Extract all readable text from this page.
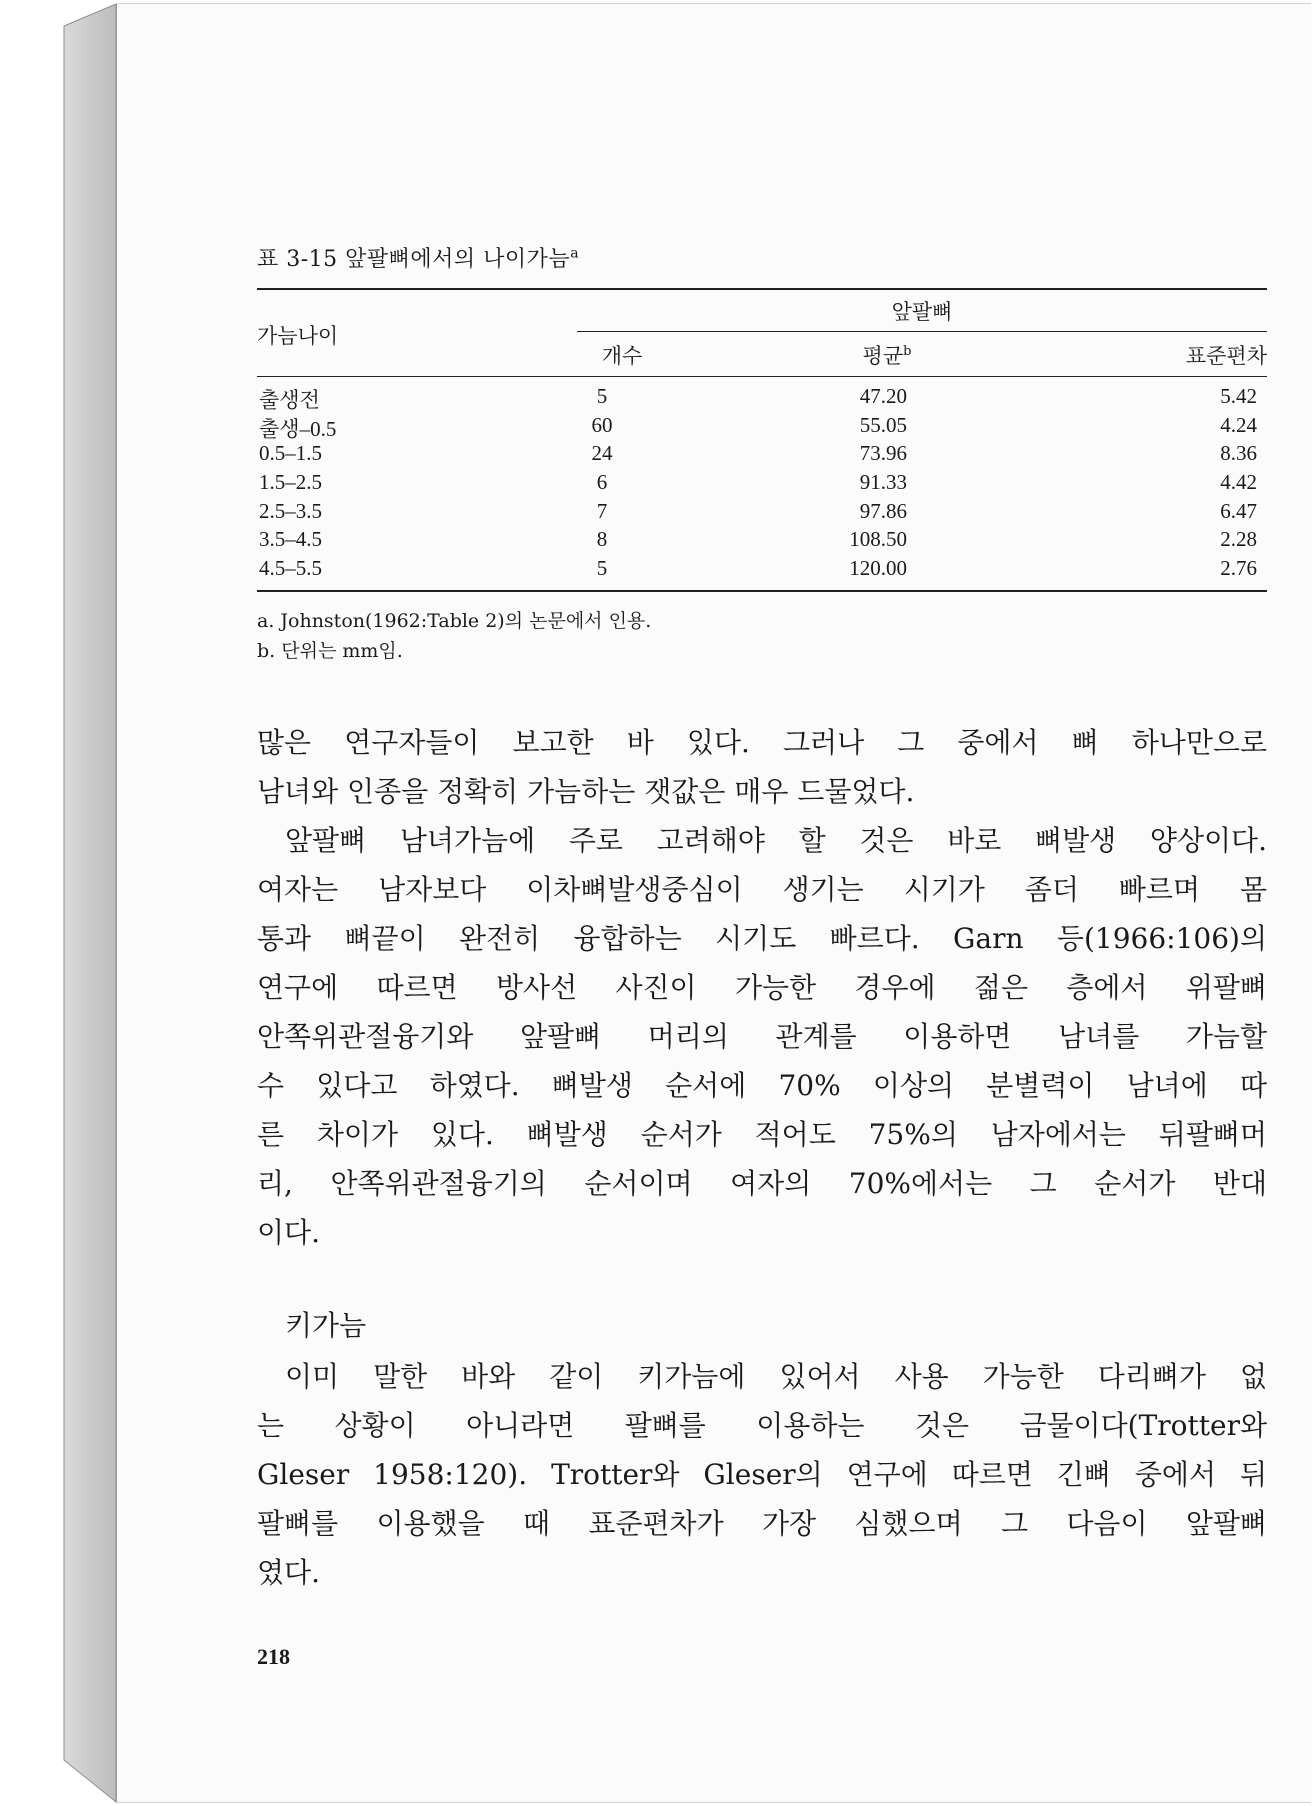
표 3-15 앞팔뼈에서의 나이가늠$^a$
앞팔뼈
가늠나이
개수	평균$^b$	표준편차
출생전	5	47.20	5.42
출생–0.5	60	55.05	4.24
0.5–1.5	24	73.96	8.36
1.5–2.5	6	91.33	4.42
2.5–3.5	7	97.86	6.47
3.5–4.5	8	108.50	2.28
4.5–5.5	5	120.00	2.76
a. Johnston(1962:Table 2)의 논문에서 인용.
b. 단위는 mm임.
많은 연구자들이 보고한 바 있다. 그러나 그 중에서 뼈 하나만으로
남녀와 인종을 정확히 가늠하는 잿값은 매우 드물었다.
앞팔뼈 남녀가늠에 주로 고려해야 할 것은 바로 뼈발생 양상이다.
여자는 남자보다 이차뼈발생중심이 생기는 시기가 좀더 빠르며 몸
통과 뼈끝이 완전히 융합하는 시기도 빠르다. Garn 등(1966:106)의
연구에 따르면 방사선 사진이 가능한 경우에 젊은 층에서 위팔뼈
안쪽위관절융기와 앞팔뼈 머리의 관계를 이용하면 남녀를 가늠할
수 있다고 하였다. 뼈발생 순서에 70% 이상의 분별력이 남녀에 따
른 차이가 있다. 뼈발생 순서가 적어도 75%의 남자에서는 뒤팔뼈머
리, 안쪽위관절융기의 순서이며 여자의 70%에서는 그 순서가 반대
이다.
키가늠
이미 말한 바와 같이 키가늠에 있어서 사용 가능한 다리뼈가 없
는 상황이 아니라면 팔뼈를 이용하는 것은 금물이다(Trotter와
Gleser 1958:120). Trotter와 Gleser의 연구에 따르면 긴뼈 중에서 뒤
팔뼈를 이용했을 때 표준편차가 가장 심했으며 그 다음이 앞팔뼈
였다.
218
